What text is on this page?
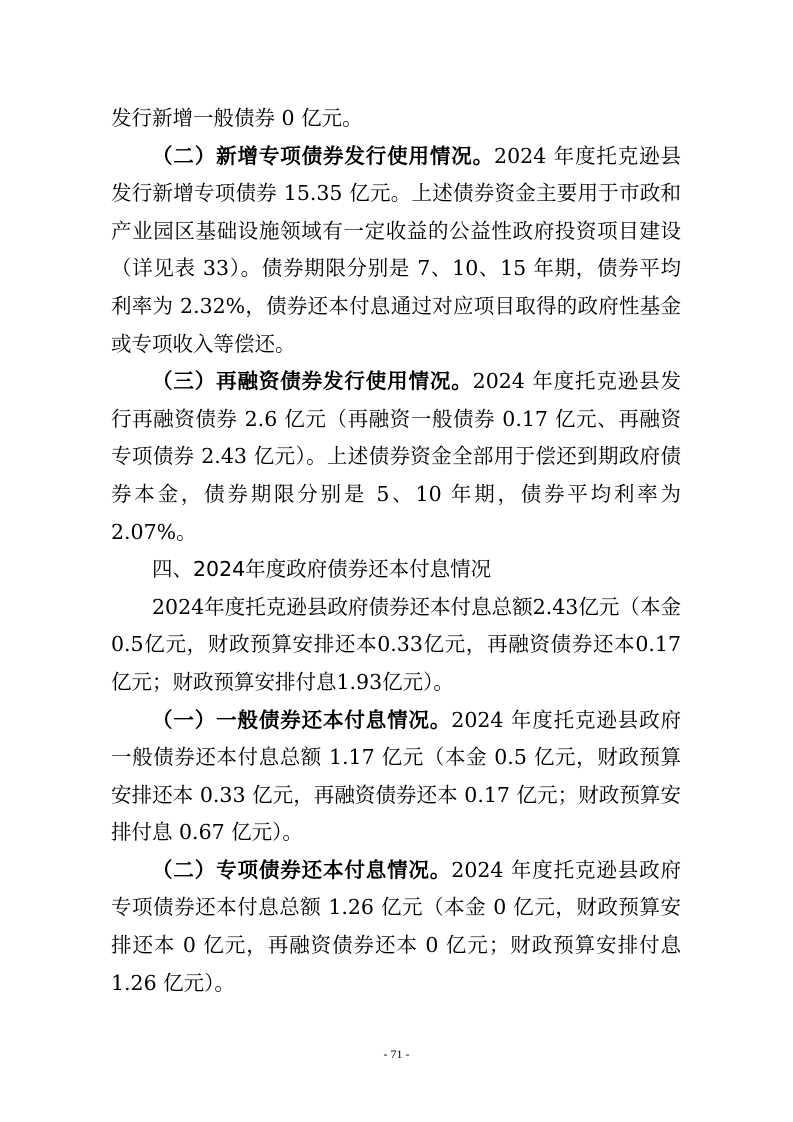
发行新增一般债券 0 亿元。

（二）新增专项债券发行使用情况。2024 年度托克逊县发行新增专项债券 15.35 亿元。上述债券资金主要用于市政和产业园区基础设施领域有一定收益的公益性政府投资项目建设（详见表 33）。债券期限分别是 7、10、15 年期，债券平均利率为 2.32%，债券还本付息通过对应项目取得的政府性基金或专项收入等偿还。

（三）再融资债券发行使用情况。2024 年度托克逊县发行再融资债券 2.6 亿元（再融资一般债券 0.17 亿元、再融资专项债券 2.43 亿元）。上述债券资金全部用于偿还到期政府债券本金，债券期限分别是 5、10 年期，债券平均利率为 2.07%。

四、2024年度政府债券还本付息情况

2024年度托克逊县政府债券还本付息总额2.43亿元（本金0.5亿元，财政预算安排还本0.33亿元，再融资债券还本0.17亿元；财政预算安排付息1.93亿元）。

（一）一般债券还本付息情况。2024 年度托克逊县政府一般债券还本付息总额 1.17 亿元（本金 0.5 亿元，财政预算安排还本 0.33 亿元，再融资债券还本 0.17 亿元；财政预算安排付息 0.67 亿元）。

（二）专项债券还本付息情况。2024 年度托克逊县政府专项债券还本付息总额 1.26 亿元（本金 0 亿元，财政预算安排还本 0 亿元，再融资债券还本 0 亿元；财政预算安排付息 1.26 亿元）。

- 71 -
